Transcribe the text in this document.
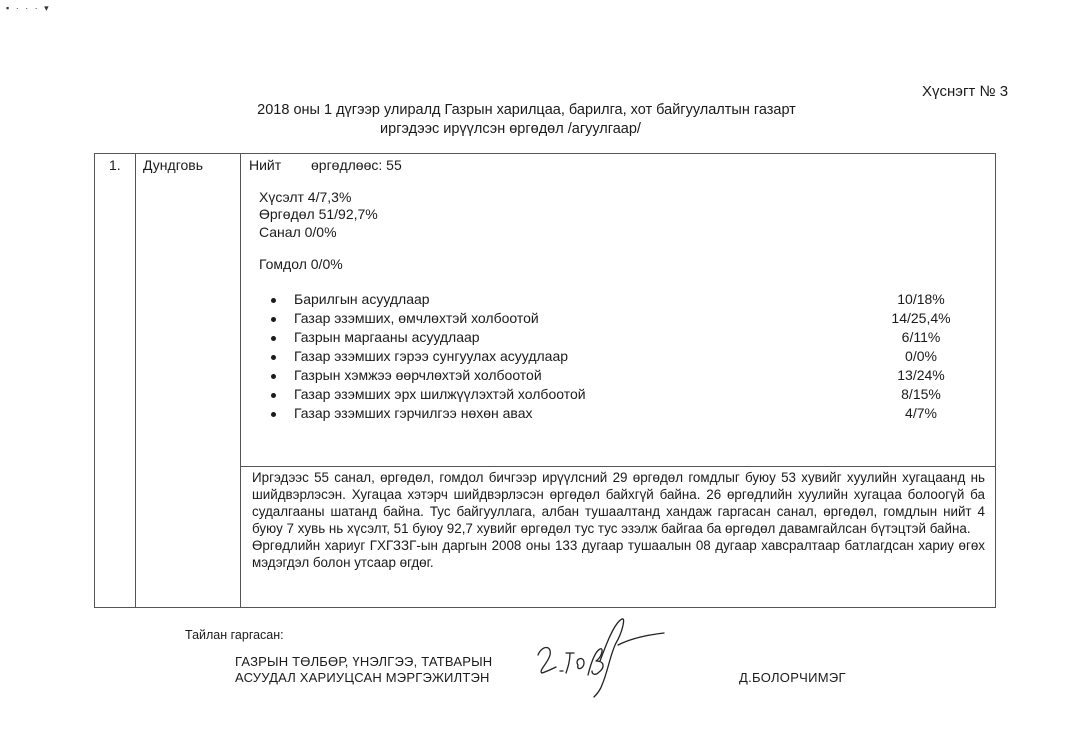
▪ · · · ▾
Хүснэгт № 3
2018 оны 1 дүгээр улиралд Газрын харилцаа, барилга, хот байгуулалтын газарт
иргэдээс ирүүлсэн өргөдөл /агуулгаар/
1. Дундговь	Нийт өргөдлөөс: 55
Хүсэлт 4/7,3%
Өргөдөл 51/92,7%
Санал 0/0%
Гомдол 0/0%
Барилгын асуудлаар	10/18%
Газар эзэмших, өмчлөхтэй холбоотой	14/25,4%
Газрын маргааны асуудлаар	6/11%
Газар эзэмших гэрээ сунгуулах асуудлаар	0/0%
Газрын хэмжээ өөрчлөхтэй холбоотой	13/24%
Газар эзэмших эрх шилжүүлэхтэй холбоотой	8/15%
Газар эзэмших гэрчилгээ нөхөн авах	4/7%

Иргэдээс 55 санал, өргөдөл, гомдол бичгээр ирүүлсний 29 өргөдөл гомдлыг буюу 53 хувийг хуулийн хугацаанд нь шийдвэрлэсэн. Хугацаа хэтэрч шийдвэрлэсэн өргөдөл байхгүй байна. 26 өргөдлийн хуулийн хугацаа болоогүй ба судалгааны шатанд байна. Тус байгууллага, албан тушаалтанд хандаж гаргасан санал, өргөдөл, гомдлын нийт 4 буюу 7 хувь нь хүсэлт, 51 буюу 92,7 хувийг өргөдөл тус тус эзэлж байгаа ба өргөдөл давамгайлсан бүтэцтэй байна.

Өргөдлийн хариуг ГХГЗЗГ-ын даргын 2008 оны 133 дугаар тушаалын 08 дугаар хавсралтаар батлагдсан хариу өгөх мэдэгдэл болон утсаар өгдөг.

Тайлан гаргасан:
ГАЗРЫН ТӨЛБӨР, ҮНЭЛГЭЭ, ТАТВАРЫН
АСУУДАЛ ХАРИУЦСАН МЭРГЭЖИЛТЭН	Д.БОЛОРЧИМЭГ
